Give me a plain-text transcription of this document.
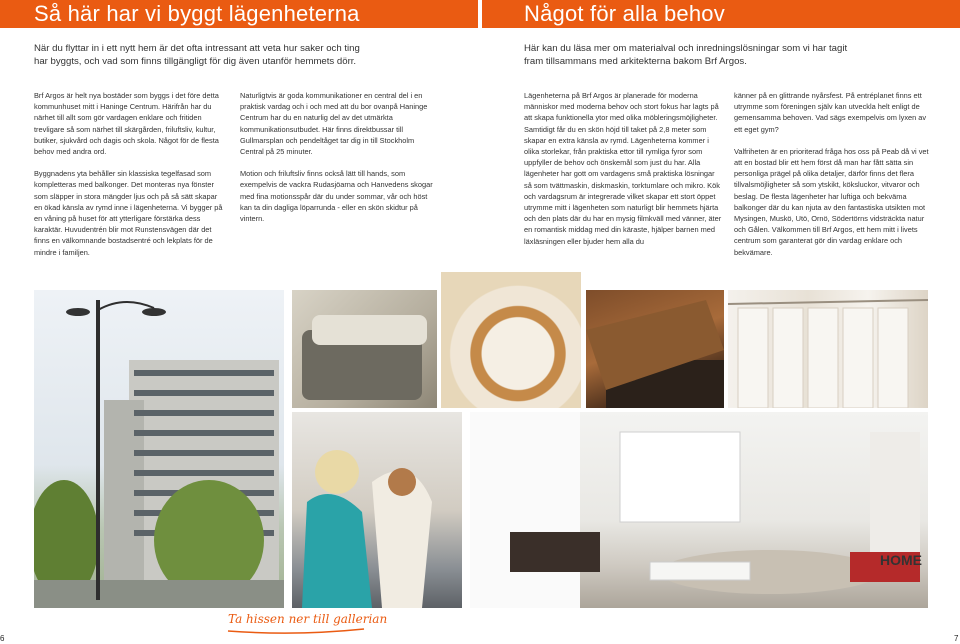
Så här har vi byggt lägenheterna	Något för alla behov

När du flyttar in i ett nytt hem är det ofta intressant att veta hur saker och ting har byggts, och vad som finns tillgängligt för dig även utanför hemmets dörr.

Här kan du läsa mer om materialval och inredningslösningar som vi har tagit fram tillsammans med arkitekterna bakom Brf Argos.

Brf Argos är helt nya bostäder som byggs i det före detta kommunhuset mitt i Haninge Centrum. Härifrån har du närhet till allt som gör vardagen enklare och fritiden trevligare så som närhet till skärgården, friluftsliv, kultur, butiker, sjukvård och dagis och skola. Något för de flesta behov med andra ord.

Byggnadens yta behåller sin klassiska tegelfasad som kompletteras med balkonger. Det monteras nya fönster som släpper in stora mängder ljus och på så sätt skapar en ökad känsla av rymd inne i lägenheterna. Vi bygger på en våning på huset för att ytterligare förstärka dess karaktär. Huvudentrén blir mot Runstensvägen där det finns en välkomnande bostadsentré och lekplats för de mindre i familjen.

Naturligtvis är goda kommunikationer en central del i en praktisk vardag och i och med att du bor ovanpå Haninge Centrum har du en naturlig del av det utmärkta kommunikationsutbudet. Här finns direktbussar till Gullmarsplan och pendeltåget tar dig in till Stockholm Central på 25 minuter.

Motion och friluftsliv finns också lätt till hands, som exempelvis de vackra Rudasjöarna och Hanvedens skogar med fina motionsspår där du under sommar, vår och höst kan ta din dagliga löparrunda - eller en skön skidtur på vintern.

Lägenheterna på Brf Argos är planerade för moderna människor med moderna behov och stort fokus har lagts på att skapa funktionella ytor med olika möbleringsmöjligheter. Samtidigt får du en skön höjd till taket på 2,8 meter som skapar en extra känsla av rymd. Lägenheterna kommer i olika storlekar, från praktiska ettor till rymliga fyror som uppfyller de behov och önskemål som just du har. Alla lägenheter har gott om vardagens små praktiska lösningar så som tvättmaskin, diskmaskin, torktumlare och mikro. Kök och vardagsrum är integrerade vilket skapar ett stort öppet utrymme mitt i lägenheten som naturligt blir hemmets hjärta och den plats där du har en mysig filmkväll med vänner, äter en romantisk middag med din käraste, hjälper barnen med läxläsningen eller bjuder hem alla du

känner på en glittrande nyårsfest. På entréplanet finns ett utrymme som föreningen själv kan utveckla helt enligt de gemensamma behoven. Vad sägs exempelvis om lyxen av ett eget gym?

Valfriheten är en prioriterad fråga hos oss på Peab då vi vet att en bostad blir ett hem först då man har fått sätta sin personliga prägel på olika detaljer, därför finns det flera tillvalsmöjligheter så som ytskikt, köksluckor, vitvaror och beslag. De flesta lägenheter har luftiga och bekväma balkonger där du kan njuta av den fantastiska utsikten mot Mysingen, Muskö, Utö, Ornö, Södertörns vidsträckta natur och Gålen. Välkommen till Brf Argos, ett hem mitt i livets centrum som garanterat gör din vardag enklare och bekvämare.

HOME
Ta hissen ner till gallerian
6	7
